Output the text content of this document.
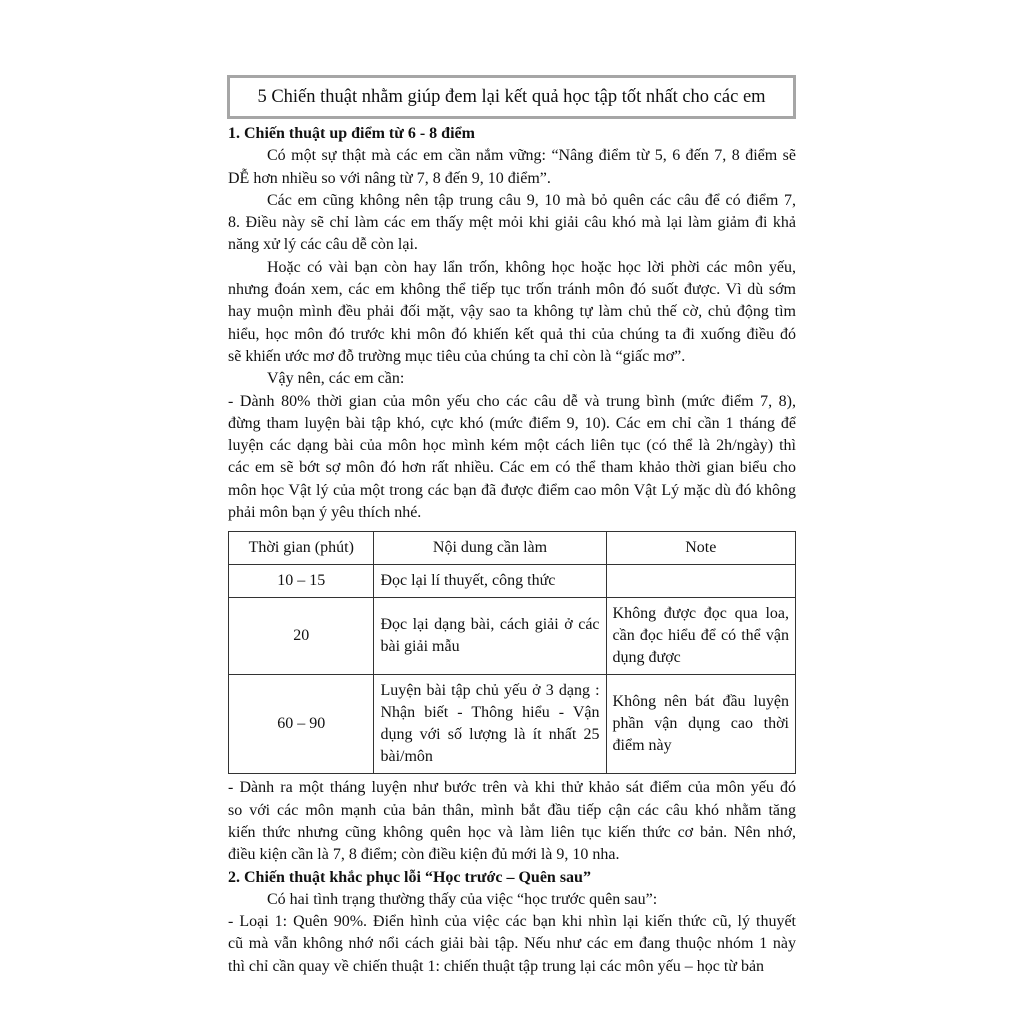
5 Chiến thuật nhằm giúp đem lại kết quả học tập tốt nhất cho các em
1. Chiến thuật up điểm từ 6 - 8 điểm
Có một sự thật mà các em cần nắm vững: “Nâng điểm từ 5, 6 đến 7, 8 điểm sẽ
DỄ hơn nhiều so với nâng từ 7, 8 đến 9, 10 điểm”.
Các em cũng không nên tập trung câu 9, 10 mà bỏ quên các câu để có điểm 7,
8. Điều này sẽ chỉ làm các em thấy mệt mỏi khi giải câu khó mà lại làm giảm đi khả
năng xử lý các câu dễ còn lại.
Hoặc có vài bạn còn hay lẩn trốn, không học hoặc học lời phời các môn yếu,
nhưng đoán xem, các em không thể tiếp tục trốn tránh môn đó suốt được. Vì dù sớm
hay muộn mình đều phải đối mặt, vậy sao ta không tự làm chủ thế cờ, chủ động tìm
hiểu, học môn đó trước khi môn đó khiến kết quả thi của chúng ta đi xuống điều đó
sẽ khiến ước mơ đỗ trường mục tiêu của chúng ta chỉ còn là “giấc mơ”.
Vậy nên, các em cần:
- Dành 80% thời gian của môn yếu cho các câu dễ và trung bình (mức điểm 7, 8),
đừng tham luyện bài tập khó, cực khó (mức điểm 9, 10). Các em chỉ cần 1 tháng để
luyện các dạng bài của môn học mình kém một cách liên tục (có thể là 2h/ngày) thì
các em sẽ bớt sợ môn đó hơn rất nhiều. Các em có thể tham khảo thời gian biểu cho
môn học Vật lý của một trong các bạn đã được điểm cao môn Vật Lý mặc dù đó không
phải môn bạn ý yêu thích nhé.
Thời gian (phút)	Nội dung cần làm	Note
10 – 15	Đọc lại lí thuyết, công thức	
20	Đọc lại dạng bài, cách giải ở các bài giải mẫu	Không được đọc qua loa, cần đọc hiểu để có thể vận dụng được
60 – 90	Luyện bài tập chủ yếu ở 3 dạng : Nhận biết - Thông hiểu - Vận dụng với số lượng là ít nhất 25 bài/môn	Không nên bát đầu luyện phần vận dụng cao thời điểm này
- Dành ra một tháng luyện như bước trên và khi thử khảo sát điểm của môn yếu đó
so với các môn mạnh của bản thân, mình bắt đầu tiếp cận các câu khó nhằm tăng
kiến thức nhưng cũng không quên học và làm liên tục kiến thức cơ bản. Nên nhớ,
điều kiện cần là 7, 8 điểm; còn điều kiện đủ mới là 9, 10 nha.
2. Chiến thuật khắc phục lỗi “Học trước – Quên sau”
Có hai tình trạng thường thấy của việc “học trước quên sau”:
- Loại 1: Quên 90%. Điển hình của việc các bạn khi nhìn lại kiến thức cũ, lý thuyết
cũ mà vẫn không nhớ nổi cách giải bài tập. Nếu như các em đang thuộc nhóm 1 này
thì chỉ cần quay về chiến thuật 1: chiến thuật tập trung lại các môn yếu – học từ bản
